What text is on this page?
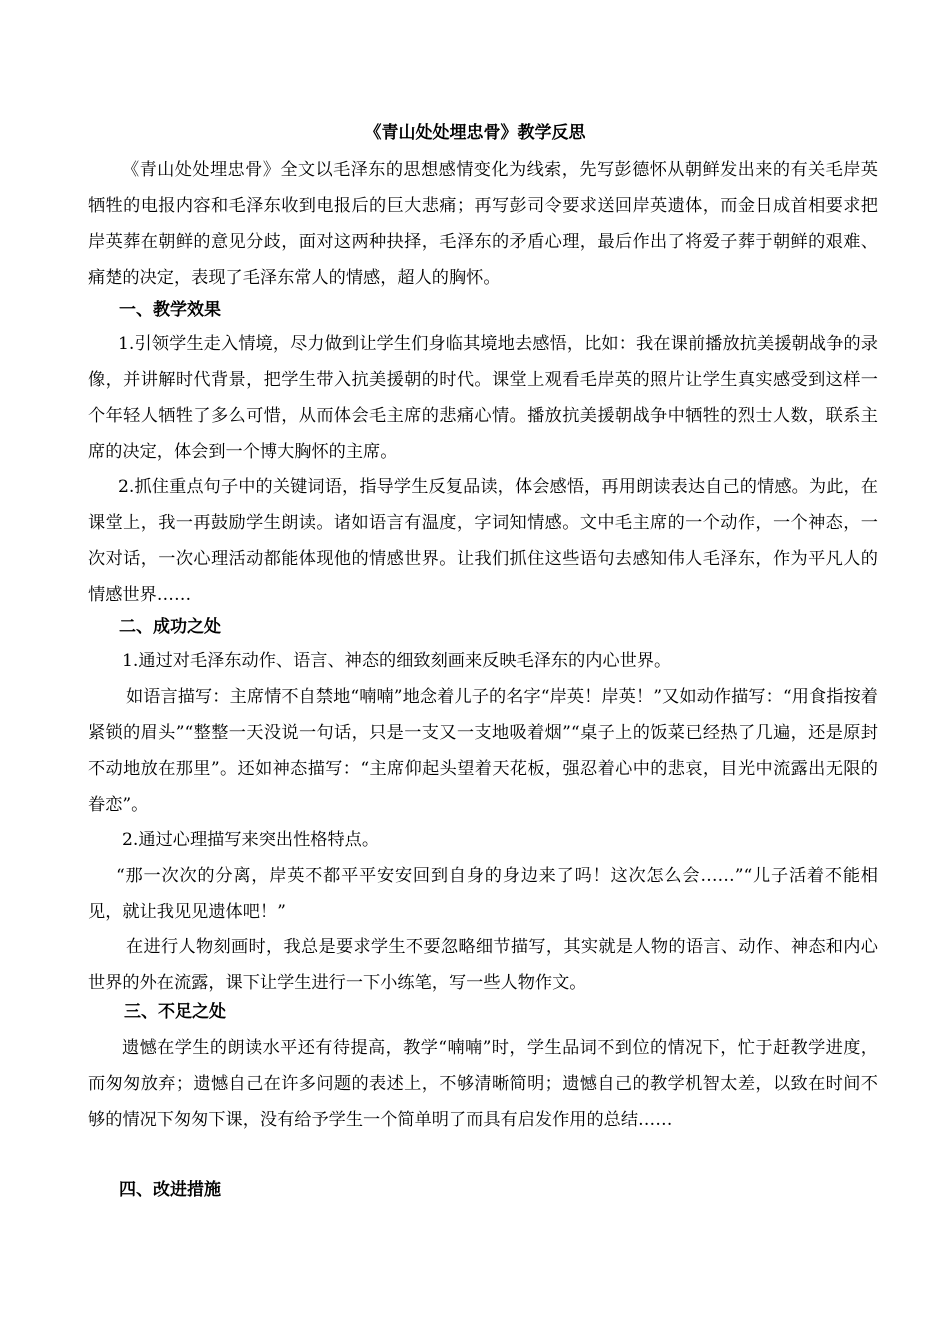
《青山处处埋忠骨》教学反思
《青山处处埋忠骨》全文以毛泽东的思想感情变化为线索，先写彭德怀从朝鲜发出来的有关毛岸英牺牲的电报内容和毛泽东收到电报后的巨大悲痛；再写彭司令要求送回岸英遗体，而金日成首相要求把岸英葬在朝鲜的意见分歧，面对这两种抉择，毛泽东的矛盾心理，最后作出了将爱子葬于朝鲜的艰难、痛楚的决定，表现了毛泽东常人的情感，超人的胸怀。
一、教学效果
1.引领学生走入情境，尽力做到让学生们身临其境地去感悟，比如：我在课前播放抗美援朝战争的录像，并讲解时代背景，把学生带入抗美援朝的时代。课堂上观看毛岸英的照片让学生真实感受到这样一个年轻人牺牲了多么可惜，从而体会毛主席的悲痛心情。播放抗美援朝战争中牺牲的烈士人数，联系主席的决定，体会到一个博大胸怀的主席。
2.抓住重点句子中的关键词语，指导学生反复品读，体会感悟，再用朗读表达自己的情感。为此，在课堂上，我一再鼓励学生朗读。诸如语言有温度，字词知情感。文中毛主席的一个动作，一个神态，一次对话，一次心理活动都能体现他的情感世界。让我们抓住这些语句去感知伟人毛泽东，作为平凡人的情感世界……
二、成功之处
1.通过对毛泽东动作、语言、神态的细致刻画来反映毛泽东的内心世界。
如语言描写：主席情不自禁地“喃喃”地念着儿子的名字“岸英！岸英！”又如动作描写：“用食指按着紧锁的眉头”“整整一天没说一句话，只是一支又一支地吸着烟”“桌子上的饭菜已经热了几遍，还是原封不动地放在那里”。还如神态描写：“主席仰起头望着天花板，强忍着心中的悲哀，目光中流露出无限的眷恋”。
2.通过心理描写来突出性格特点。
“那一次次的分离，岸英不都平平安安回到自身的身边来了吗！这次怎么会……”“儿子活着不能相见，就让我见见遗体吧！”
在进行人物刻画时，我总是要求学生不要忽略细节描写，其实就是人物的语言、动作、神态和内心世界的外在流露，课下让学生进行一下小练笔，写一些人物作文。
三、不足之处
遗憾在学生的朗读水平还有待提高，教学“喃喃”时，学生品词不到位的情况下，忙于赶教学进度，而匆匆放弃；遗憾自己在许多问题的表述上，不够清晰简明；遗憾自己的教学机智太差，以致在时间不够的情况下匆匆下课，没有给予学生一个简单明了而具有启发作用的总结……
四、改进措施
